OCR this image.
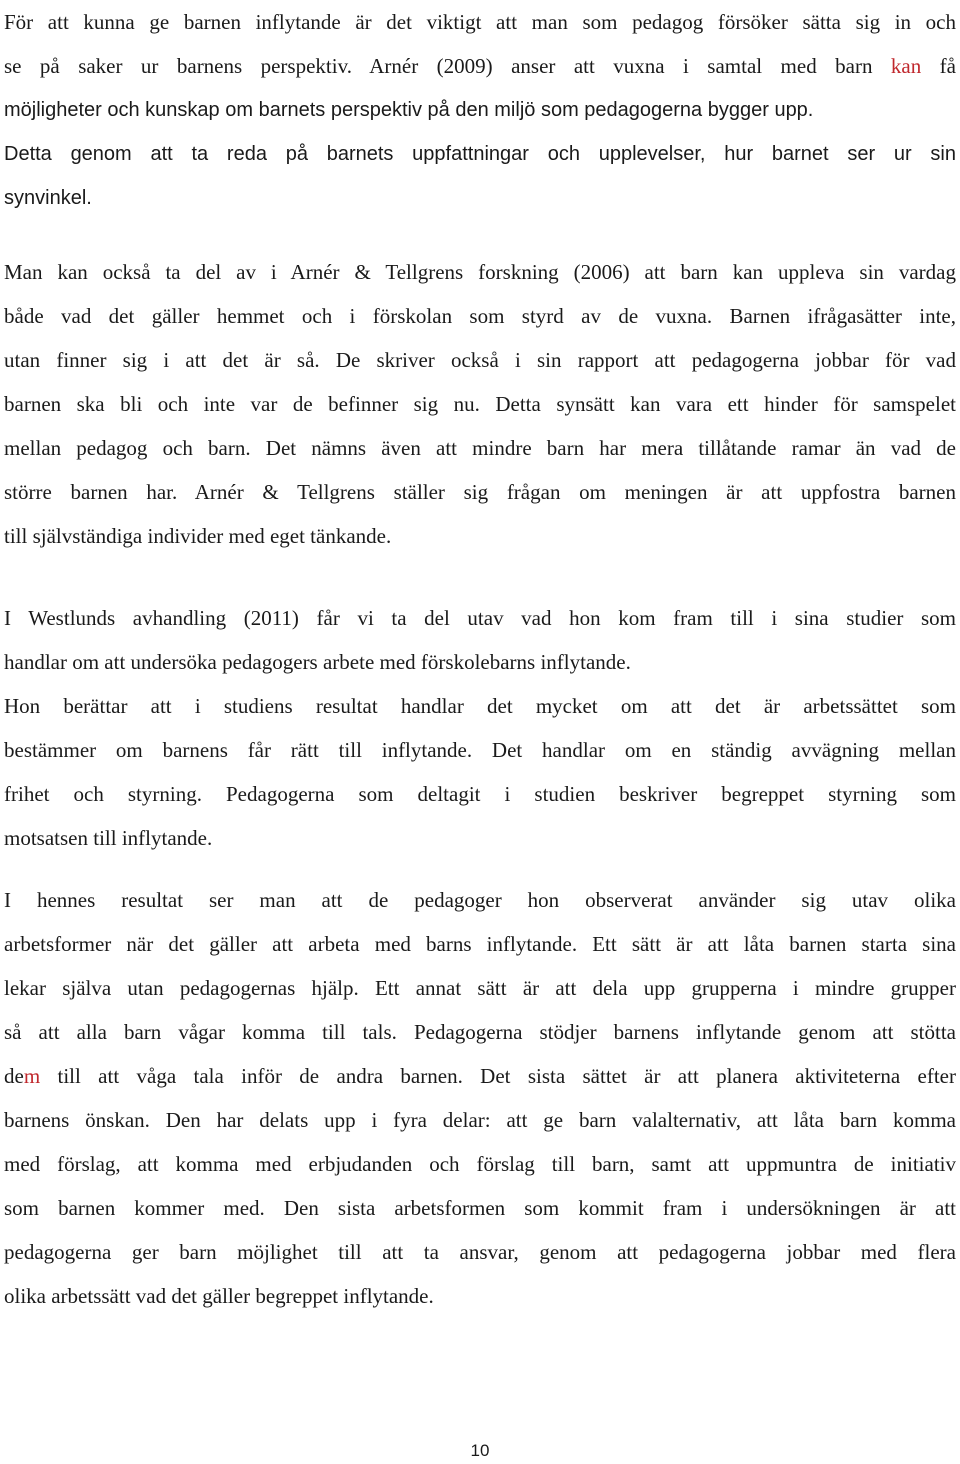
För att kunna ge barnen inflytande är det viktigt att man som pedagog försöker sätta sig in och
se på saker ur barnens perspektiv. Arnér (2009) anser att vuxna i samtal med barn kan få
möjligheter och kunskap om barnets perspektiv på den miljö som pedagogerna bygger upp.
Detta genom att ta reda på barnets uppfattningar och upplevelser, hur barnet ser ur sin
synvinkel.
Man kan också ta del av i Arnér & Tellgrens forskning (2006) att barn kan uppleva sin vardag
både vad det gäller hemmet och i förskolan som styrd av de vuxna. Barnen ifrågasätter inte,
utan finner sig i att det är så. De skriver också i sin rapport att pedagogerna jobbar för vad
barnen ska bli och inte var de befinner sig nu. Detta synsätt kan vara ett hinder för samspelet
mellan pedagog och barn. Det nämns även att mindre barn har mera tillåtande ramar än vad de
större barnen har. Arnér & Tellgrens ställer sig frågan om meningen är att uppfostra barnen
till självständiga individer med eget tänkande.
I Westlunds avhandling (2011) får vi ta del utav vad hon kom fram till i sina studier som
handlar om att undersöka pedagogers arbete med förskolebarns inflytande.
Hon berättar att i studiens resultat handlar det mycket om att det är arbetssättet som
bestämmer om barnens får rätt till inflytande. Det handlar om en ständig avvägning mellan
frihet och styrning. Pedagogerna som deltagit i studien beskriver begreppet styrning som
motsatsen till inflytande.
I hennes resultat ser man att de pedagoger hon observerat använder sig utav olika
arbetsformer när det gäller att arbeta med barns inflytande. Ett sätt är att låta barnen starta sina
lekar själva utan pedagogernas hjälp. Ett annat sätt är att dela upp grupperna i mindre grupper
så att alla barn vågar komma till tals. Pedagogerna stödjer barnens inflytande genom att stötta
dem till att våga tala inför de andra barnen. Det sista sättet är att planera aktiviteterna efter
barnens önskan. Den har delats upp i fyra delar: att ge barn valalternativ, att låta barn komma
med förslag, att komma med erbjudanden och förslag till barn, samt att uppmuntra de initiativ
som barnen kommer med. Den sista arbetsformen som kommit fram i undersökningen är att
pedagogerna ger barn möjlighet till att ta ansvar, genom att pedagogerna jobbar med flera
olika arbetssätt vad det gäller begreppet inflytande.
10
